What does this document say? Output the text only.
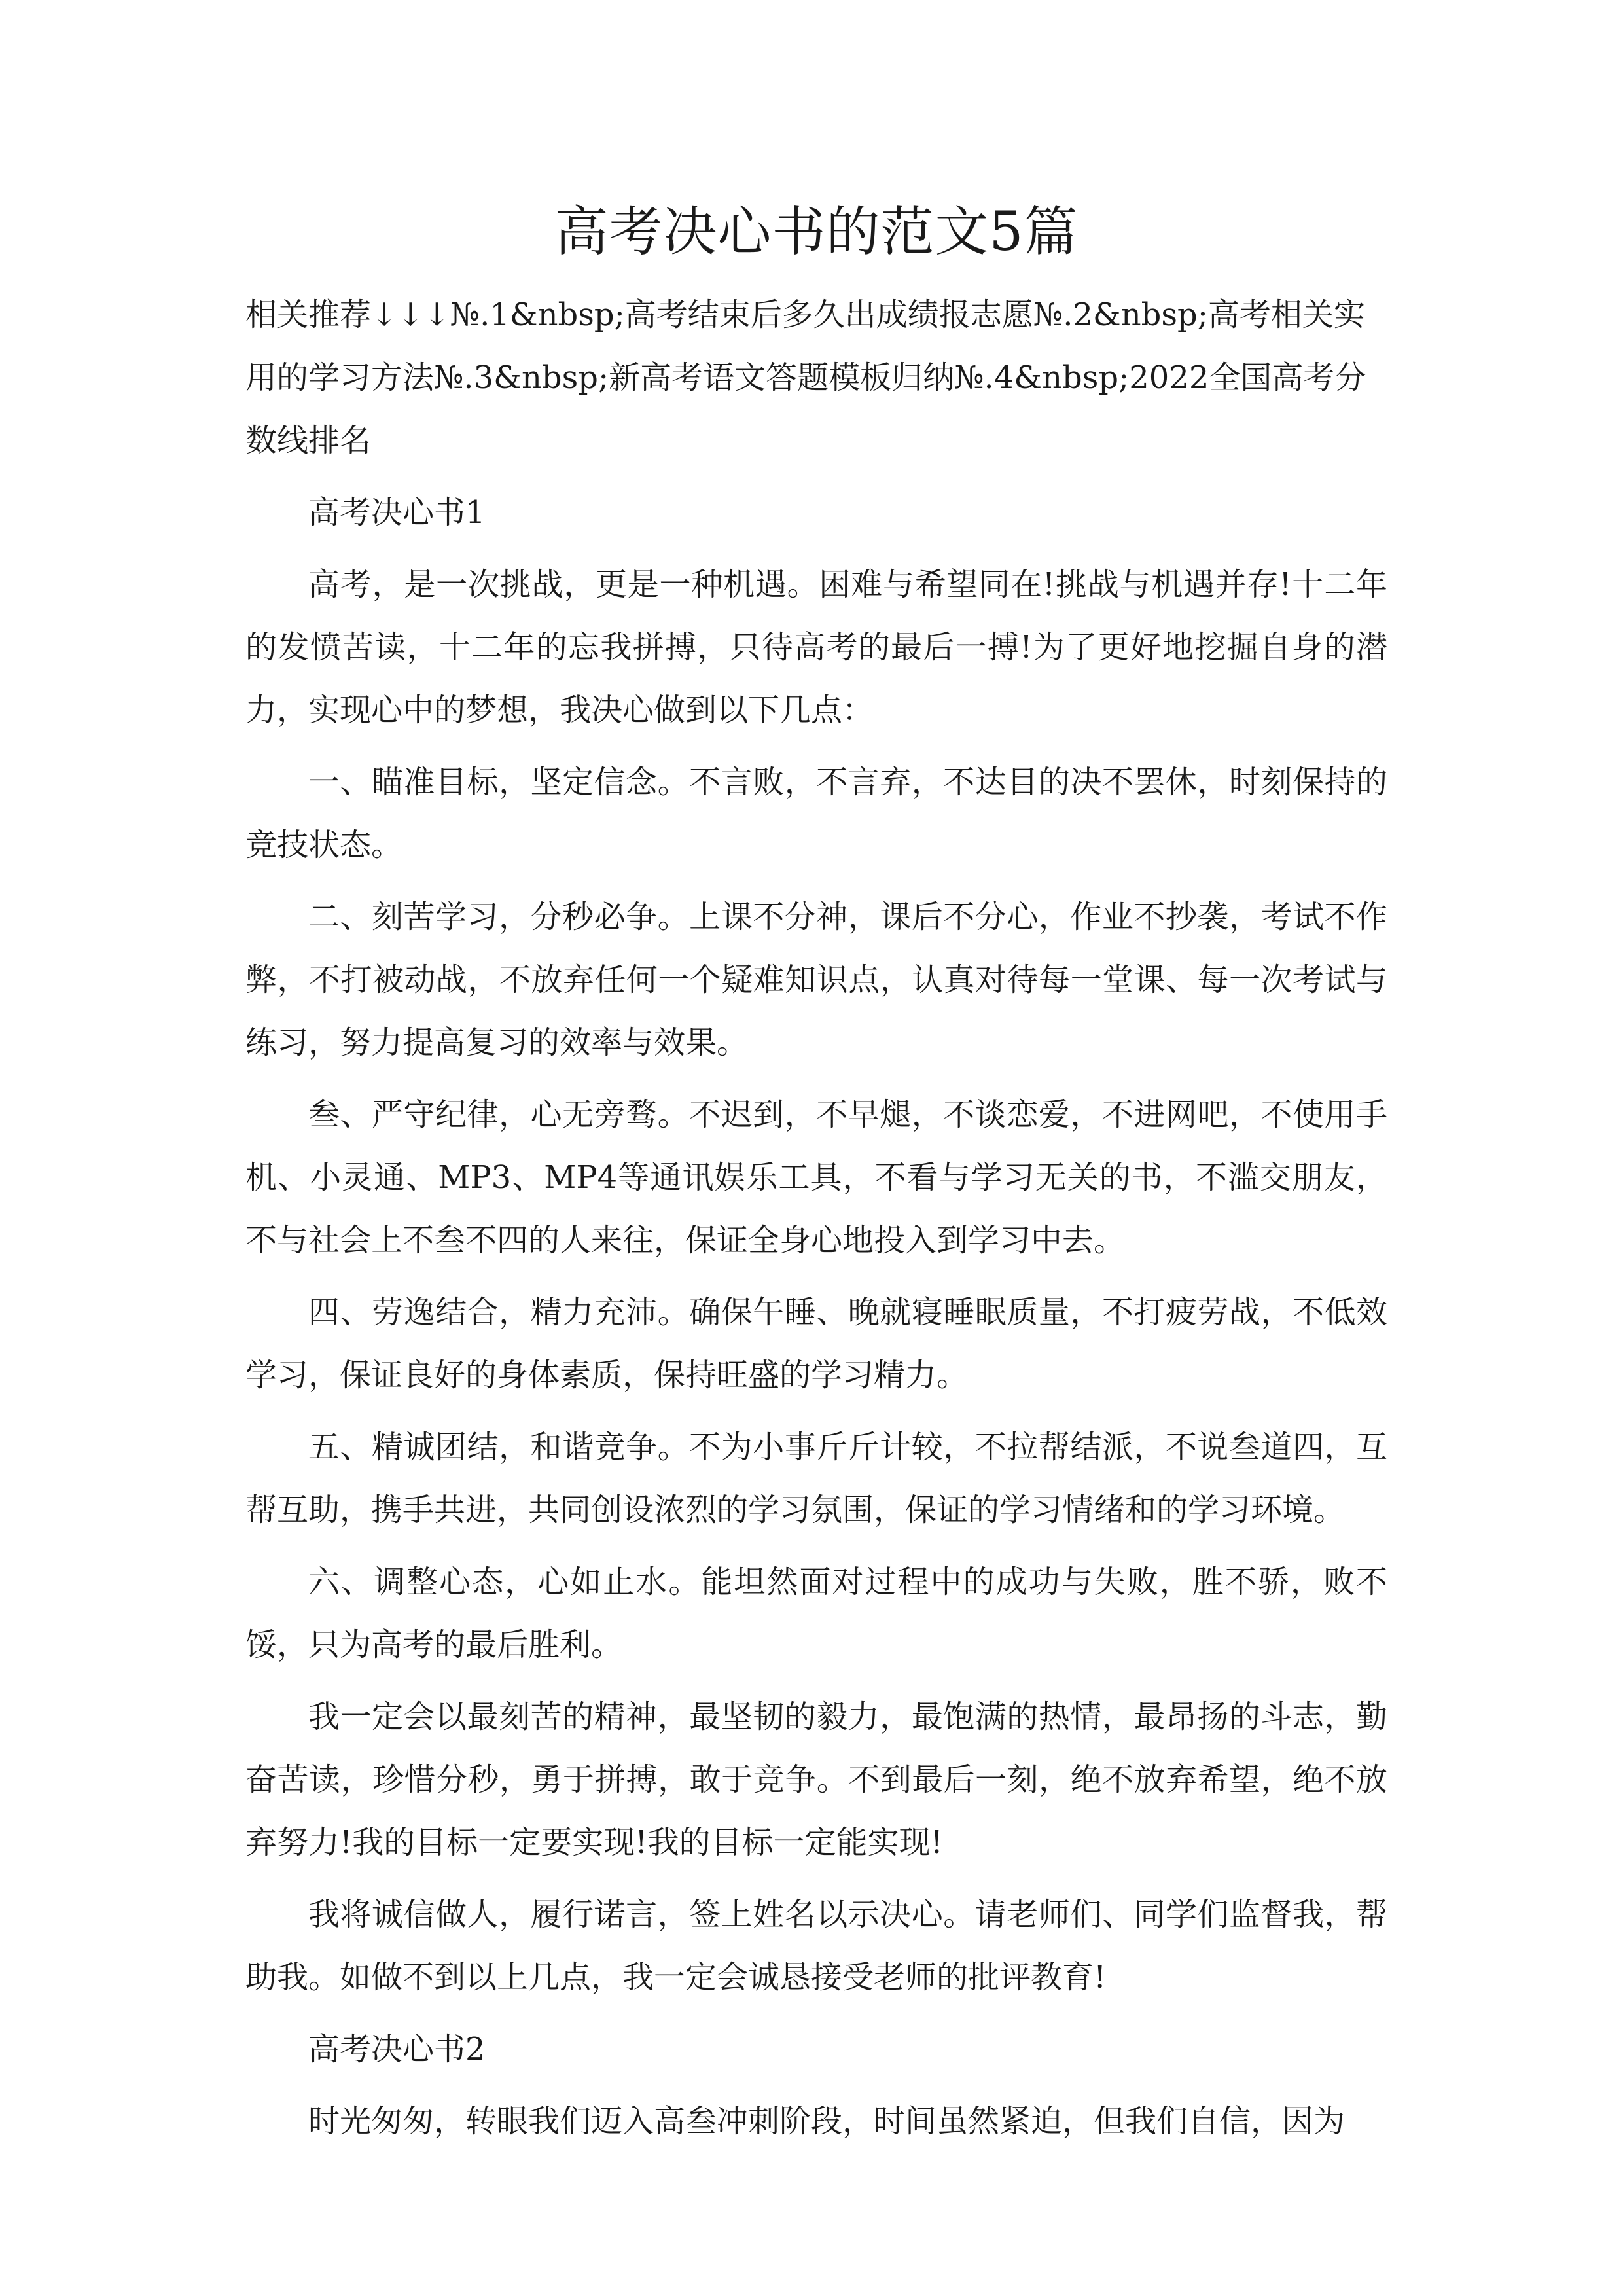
高考决心书的范文5篇

相关推荐↓↓↓№.1&nbsp;高考结束后多久出成绩报志愿№.2&nbsp;高考相关实用的学习方法№.3&nbsp;新高考语文答题模板归纳№.4&nbsp;2022全国高考分数线排名

高考决心书1

高考，是一次挑战，更是一种机遇。困难与希望同在!挑战与机遇并存!十二年的发愤苦读，十二年的忘我拼搏，只待高考的最后一搏!为了更好地挖掘自身的潜力，实现心中的梦想，我决心做到以下几点：

一、瞄准目标，坚定信念。不言败，不言弃，不达目的决不罢休，时刻保持的竞技状态。

二、刻苦学习，分秒必争。上课不分神，课后不分心，作业不抄袭，考试不作弊，不打被动战，不放弃任何一个疑难知识点，认真对待每一堂课、每一次考试与练习，努力提高复习的效率与效果。

叁、严守纪律，心无旁骛。不迟到，不早煺，不谈恋爱，不进网吧，不使用手机、小灵通、MP3、MP4等通讯娱乐工具，不看与学习无关的书，不滥交朋友，不与社会上不叁不四的人来往，保证全身心地投入到学习中去。

四、劳逸结合，精力充沛。确保午睡、晚就寝睡眠质量，不打疲劳战，不低效学习，保证良好的身体素质，保持旺盛的学习精力。

五、精诚团结，和谐竞争。不为小事斤斤计较，不拉帮结派，不说叁道四，互帮互助，携手共进，共同创设浓烈的学习氛围，保证的学习情绪和的学习环境。

六、调整心态，心如止水。能坦然面对过程中的成功与失败，胜不骄，败不馁，只为高考的最后胜利。

我一定会以最刻苦的精神，最坚韧的毅力，最饱满的热情，最昂扬的斗志，勤奋苦读，珍惜分秒，勇于拼搏，敢于竞争。不到最后一刻，绝不放弃希望，绝不放弃努力!我的目标一定要实现!我的目标一定能实现!

我将诚信做人，履行诺言，签上姓名以示决心。请老师们、同学们监督我，帮助我。如做不到以上几点，我一定会诚恳接受老师的批评教育!

高考决心书2

时光匆匆，转眼我们迈入高叁冲刺阶段，时间虽然紧迫，但我们自信，因为
